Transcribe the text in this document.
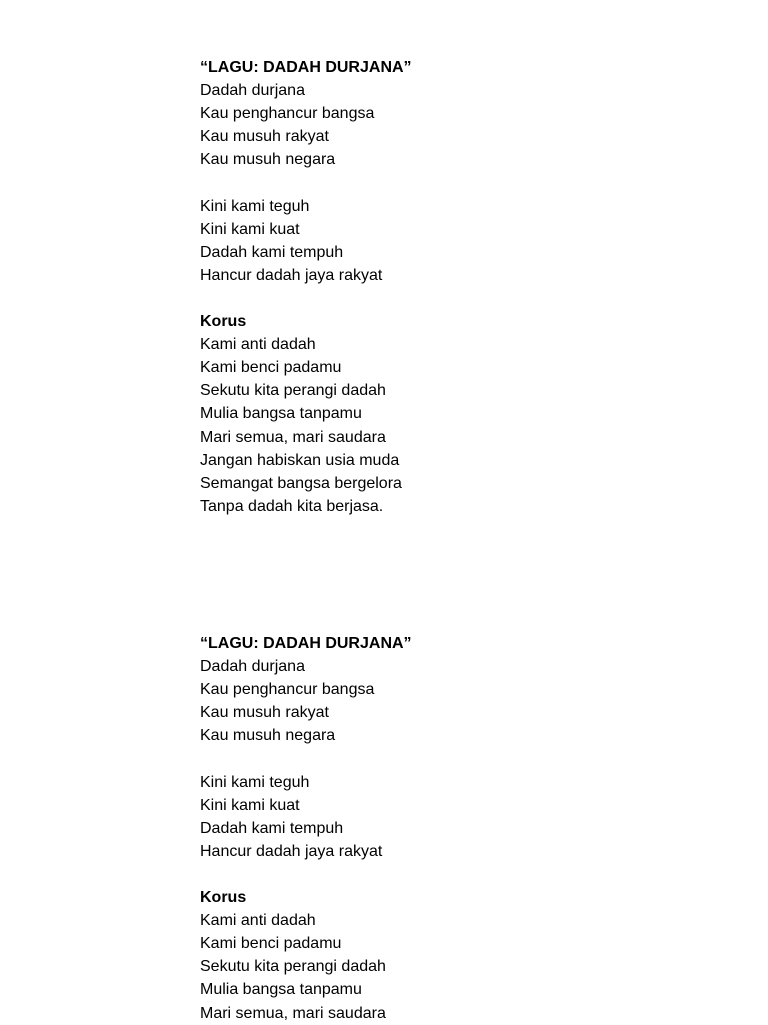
“LAGU: DADAH DURJANA”
Dadah durjana
Kau penghancur bangsa
Kau musuh rakyat
Kau musuh negara
Kini kami teguh
Kini kami kuat
Dadah kami tempuh
Hancur dadah jaya rakyat
Korus
Kami anti dadah
Kami benci padamu
Sekutu kita perangi dadah
Mulia bangsa tanpamu
Mari semua, mari saudara
Jangan habiskan usia muda
Semangat bangsa bergelora
Tanpa dadah kita berjasa.
“LAGU: DADAH DURJANA”
Dadah durjana
Kau penghancur bangsa
Kau musuh rakyat
Kau musuh negara
Kini kami teguh
Kini kami kuat
Dadah kami tempuh
Hancur dadah jaya rakyat
Korus
Kami anti dadah
Kami benci padamu
Sekutu kita perangi dadah
Mulia bangsa tanpamu
Mari semua, mari saudara
